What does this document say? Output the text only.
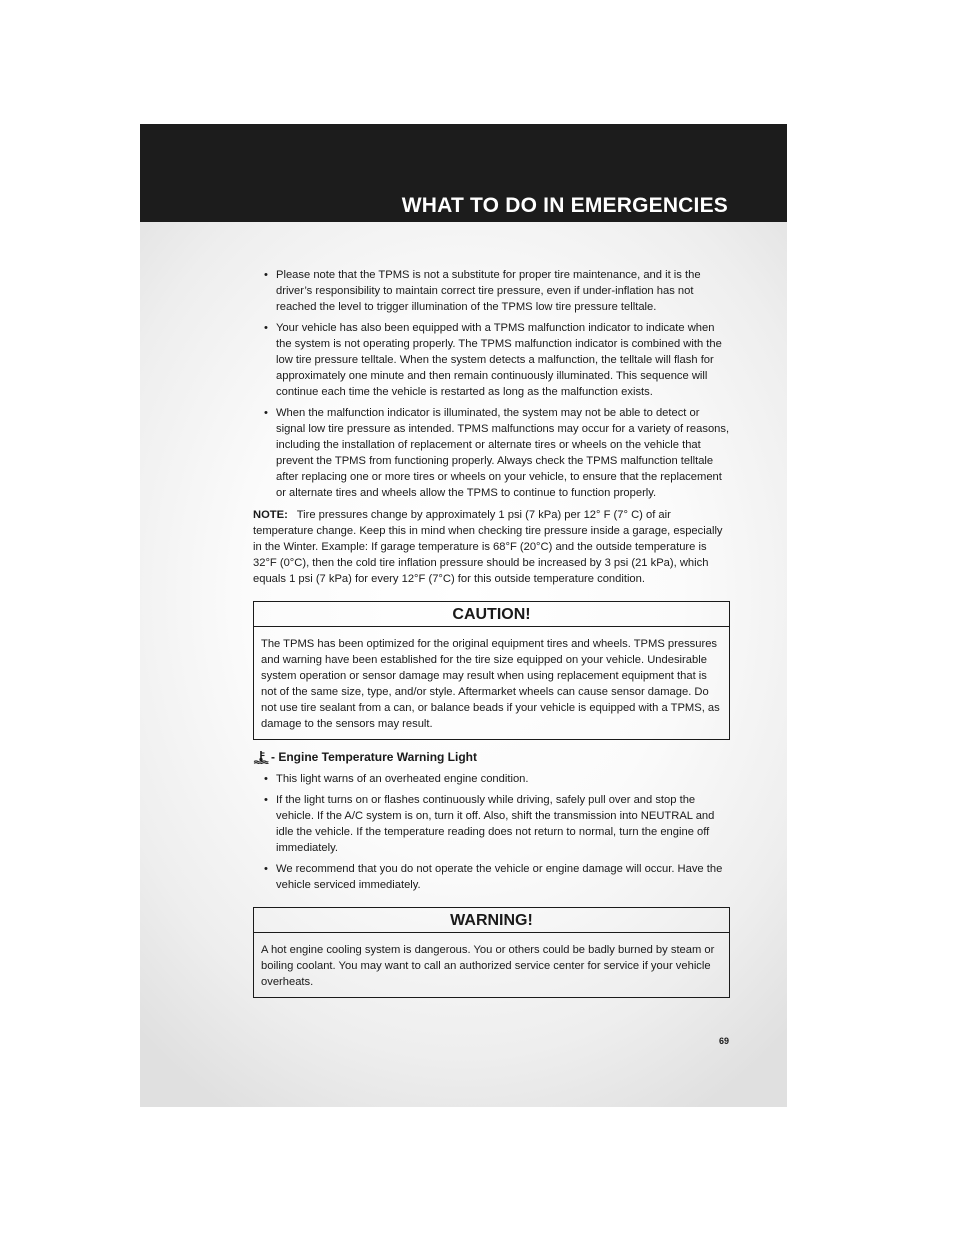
WHAT TO DO IN EMERGENCIES
• Please note that the TPMS is not a substitute for proper tire maintenance, and it is the driver’s responsibility to maintain correct tire pressure, even if under-inflation has not reached the level to trigger illumination of the TPMS low tire pressure telltale.
• Your vehicle has also been equipped with a TPMS malfunction indicator to indicate when the system is not operating properly. The TPMS malfunction indicator is combined with the low tire pressure telltale. When the system detects a malfunction, the telltale will flash for approximately one minute and then remain continuously illuminated. This sequence will continue each time the vehicle is restarted as long as the malfunction exists.
• When the malfunction indicator is illuminated, the system may not be able to detect or signal low tire pressure as intended. TPMS malfunctions may occur for a variety of reasons, including the installation of replacement or alternate tires or wheels on the vehicle that prevent the TPMS from functioning properly. Always check the TPMS malfunction telltale after replacing one or more tires or wheels on your vehicle, to ensure that the replacement or alternate tires and wheels allow the TPMS to continue to function properly.

NOTE: Tire pressures change by approximately 1 psi (7 kPa) per 12° F (7° C) of air temperature change. Keep this in mind when checking tire pressure inside a garage, especially in the Winter. Example: If garage temperature is 68°F (20°C) and the outside temperature is 32°F (0°C), then the cold tire inflation pressure should be increased by 3 psi (21 kPa), which equals 1 psi (7 kPa) for every 12°F (7°C) for this outside temperature condition.

CAUTION!
The TPMS has been optimized for the original equipment tires and wheels. TPMS pressures and warning have been established for the tire size equipped on your vehicle. Undesirable system operation or sensor damage may result when using replacement equipment that is not of the same size, type, and/or style. Aftermarket wheels can cause sensor damage. Do not use tire sealant from a can, or balance beads if your vehicle is equipped with a TPMS, as damage to the sensors may result.
- Engine Temperature Warning Light
• This light warns of an overheated engine condition.
• If the light turns on or flashes continuously while driving, safely pull over and stop the vehicle. If the A/C system is on, turn it off. Also, shift the transmission into NEUTRAL and idle the vehicle. If the temperature reading does not return to normal, turn the engine off immediately.
• We recommend that you do not operate the vehicle or engine damage will occur. Have the vehicle serviced immediately.
WARNING!
A hot engine cooling system is dangerous. You or others could be badly burned by steam or boiling coolant. You may want to call an authorized service center for service if your vehicle overheats.
69
